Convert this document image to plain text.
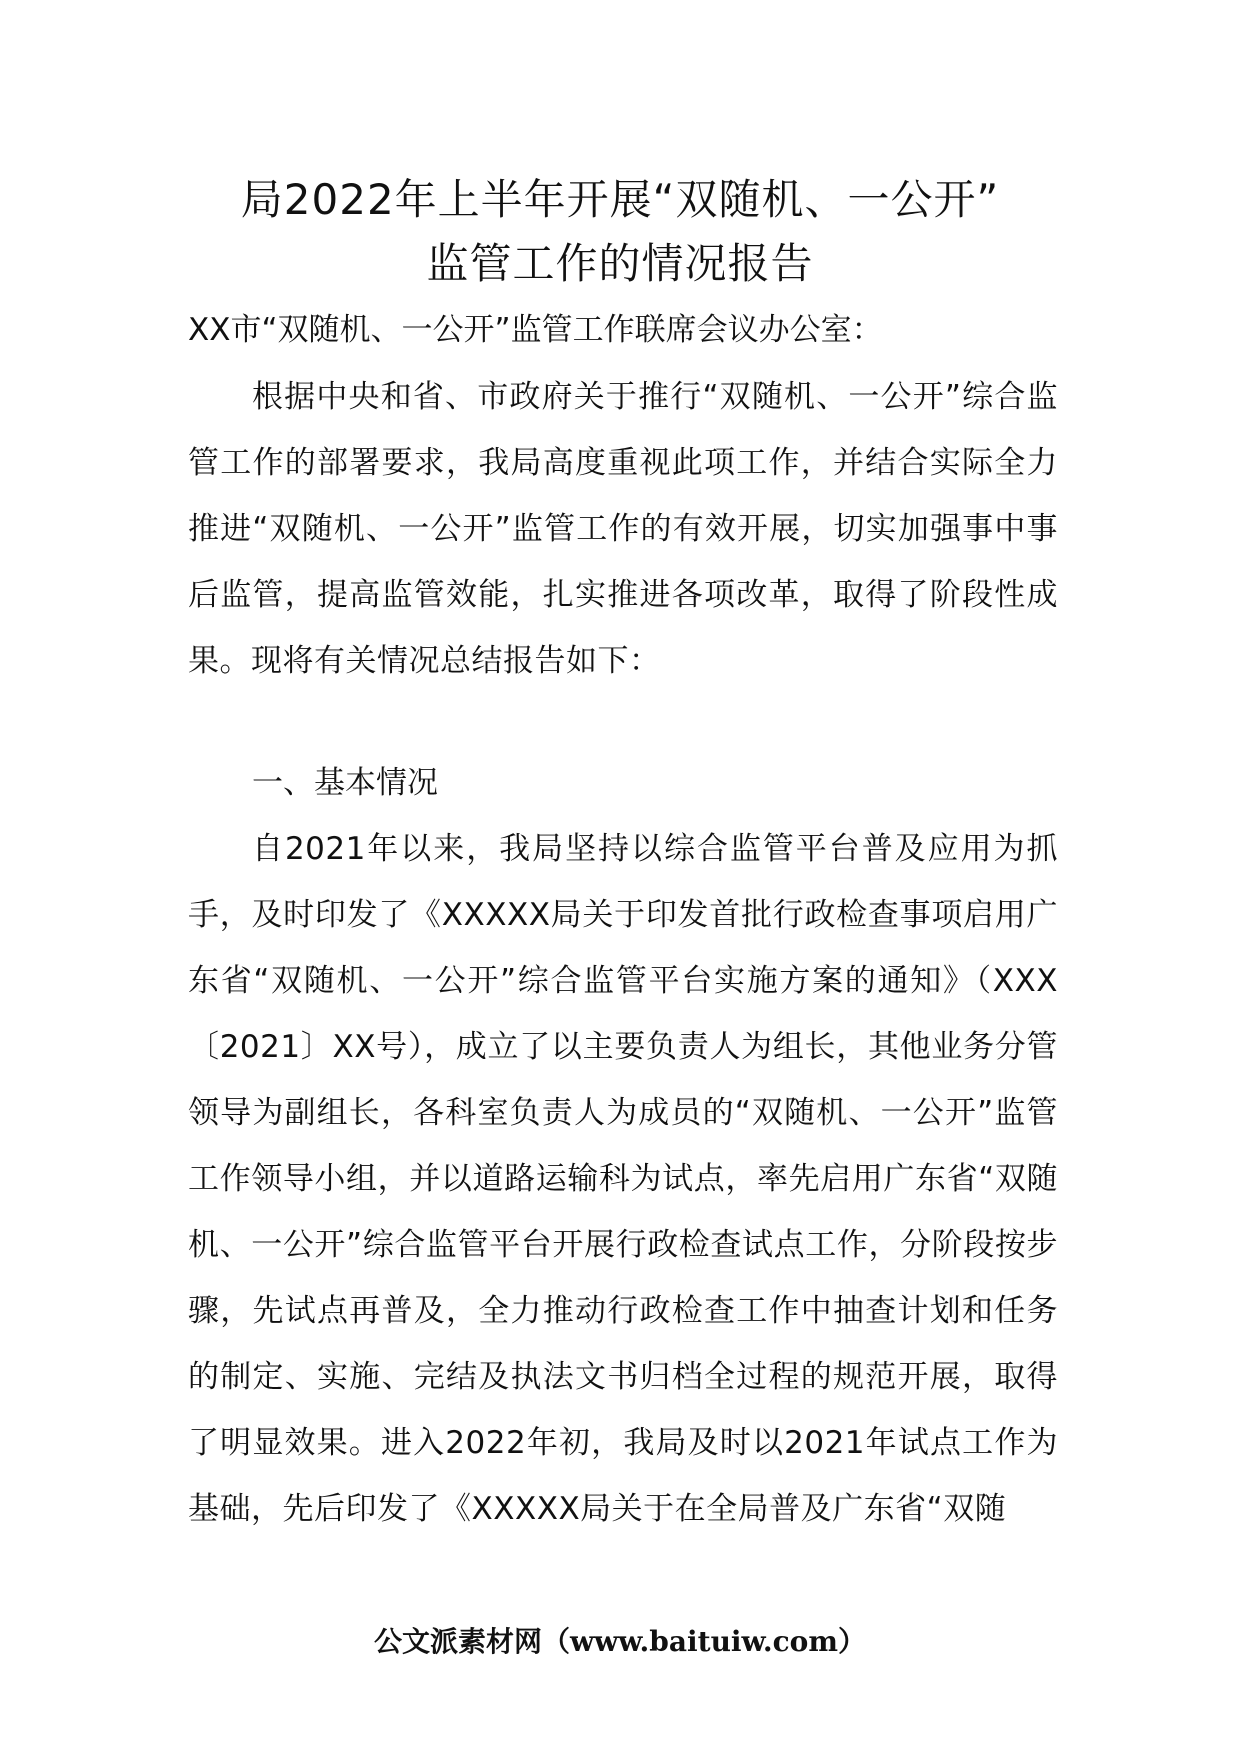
局2022年上半年开展“双随机、一公开”
监管工作的情况报告

XX市“双随机、一公开”监管工作联席会议办公室：

根据中央和省、市政府关于推行“双随机、一公开”综合监管工作的部署要求，我局高度重视此项工作，并结合实际全力推进“双随机、一公开”监管工作的有效开展，切实加强事中事后监管，提高监管效能，扎实推进各项改革，取得了阶段性成果。现将有关情况总结报告如下：

一、基本情况

自2021年以来，我局坚持以综合监管平台普及应用为抓手，及时印发了《XXXXX局关于印发首批行政检查事项启用广东省“双随机、一公开”综合监管平台实施方案的通知》（XXX〔2021〕XX号），成立了以主要负责人为组长，其他业务分管领导为副组长，各科室负责人为成员的“双随机、一公开”监管工作领导小组，并以道路运输科为试点，率先启用广东省“双随机、一公开”综合监管平台开展行政检查试点工作，分阶段按步骤，先试点再普及，全力推动行政检查工作中抽查计划和任务的制定、实施、完结及执法文书归档全过程的规范开展，取得了明显效果。进入2022年初，我局及时以2021年试点工作为基础，先后印发了《XXXXX局关于在全局普及广东省“双随

公文派素材网（www.baituiw.com）
